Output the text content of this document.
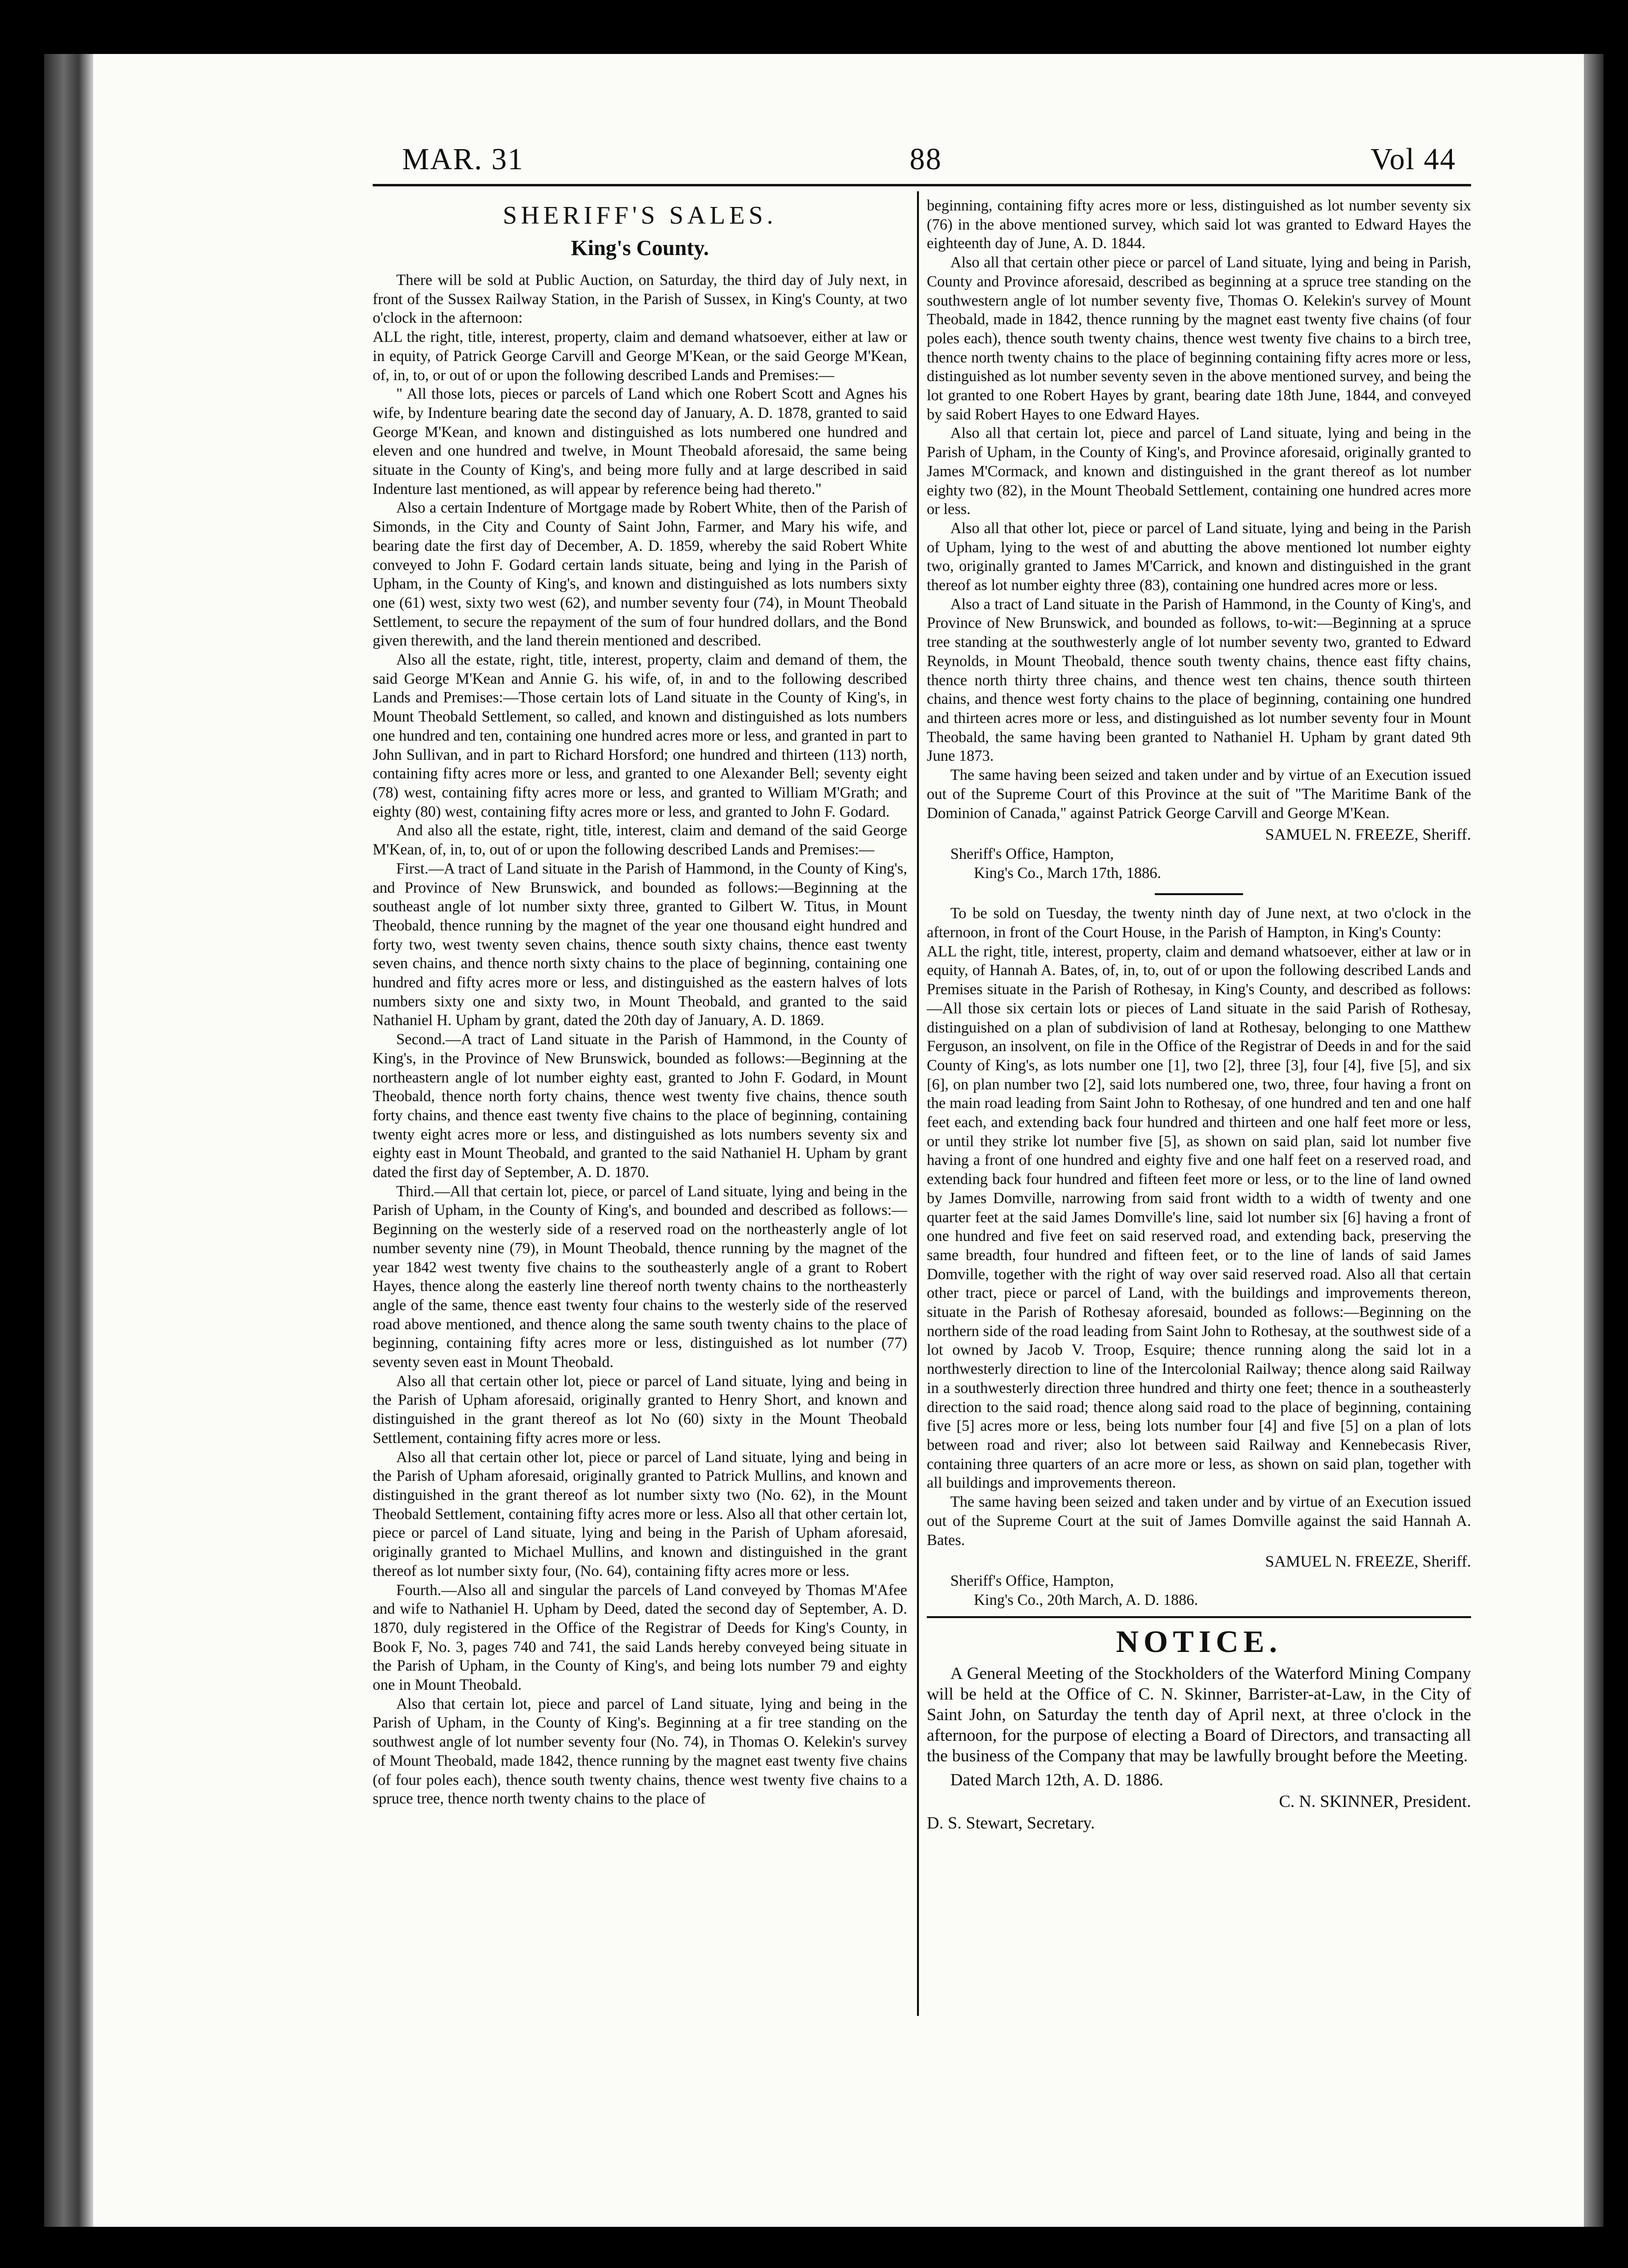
MAR. 31	88	Vol 44
SHERIFF'S SALES.
King's County.

There will be sold at Public Auction, on Saturday, the third day of July next, in front of the Sussex Railway Station, in the Parish of Sussex, in King's County, at two o'clock in the afternoon:

ALL the right, title, interest, property, claim and demand whatsoever, either at law or in equity, of Patrick George Carvill and George M'Kean, or the said George M'Kean, of, in, to, or out of or upon the following described Lands and Premises:—

" All those lots, pieces or parcels of Land which one Robert Scott and Agnes his wife, by Indenture bearing date the second day of January, A. D. 1878, granted to said George M'Kean, and known and distinguished as lots numbered one hundred and eleven and one hundred and twelve, in Mount Theobald aforesaid, the same being situate in the County of King's, and being more fully and at large described in said Indenture last mentioned, as will appear by reference being had thereto."

Also a certain Indenture of Mortgage made by Robert White, then of the Parish of Simonds, in the City and County of Saint John, Farmer, and Mary his wife, and bearing date the first day of December, A. D. 1859, whereby the said Robert White conveyed to John F. Godard certain lands situate, being and lying in the Parish of Upham, in the County of King's, and known and distinguished as lots numbers sixty one (61) west, sixty two west (62), and number seventy four (74), in Mount Theobald Settlement, to secure the repayment of the sum of four hundred dollars, and the Bond given therewith, and the land therein mentioned and described.

Also all the estate, right, title, interest, property, claim and demand of them, the said George M'Kean and Annie G. his wife, of, in and to the following described Lands and Premises:—Those certain lots of Land situate in the County of King's, in Mount Theobald Settlement, so called, and known and distinguished as lots numbers one hundred and ten, containing one hundred acres more or less, and granted in part to John Sullivan, and in part to Richard Horsford; one hundred and thirteen (113) north, containing fifty acres more or less, and granted to one Alexander Bell; seventy eight (78) west, containing fifty acres more or less, and granted to William M'Grath; and eighty (80) west, containing fifty acres more or less, and granted to John F. Godard.

And also all the estate, right, title, interest, claim and demand of the said George M'Kean, of, in, to, out of or upon the following described Lands and Premises:—

First.—A tract of Land situate in the Parish of Hammond, in the County of King's, and Province of New Brunswick, and bounded as follows:—Beginning at the southeast angle of lot number sixty three, granted to Gilbert W. Titus, in Mount Theobald, thence running by the magnet of the year one thousand eight hundred and forty two, west twenty seven chains, thence south sixty chains, thence east twenty seven chains, and thence north sixty chains to the place of beginning, containing one hundred and fifty acres more or less, and distinguished as the eastern halves of lots numbers sixty one and sixty two, in Mount Theobald, and granted to the said Nathaniel H. Upham by grant, dated the 20th day of January, A. D. 1869.

Second.—A tract of Land situate in the Parish of Hammond, in the County of King's, in the Province of New Brunswick, bounded as follows:—Beginning at the northeastern angle of lot number eighty east, granted to John F. Godard, in Mount Theobald, thence north forty chains, thence west twenty five chains, thence south forty chains, and thence east twenty five chains to the place of beginning, containing twenty eight acres more or less, and distinguished as lots numbers seventy six and eighty east in Mount Theobald, and granted to the said Nathaniel H. Upham by grant dated the first day of September, A. D. 1870.

Third.—All that certain lot, piece, or parcel of Land situate, lying and being in the Parish of Upham, in the County of King's, and bounded and described as follows:—Beginning on the westerly side of a reserved road on the northeasterly angle of lot number seventy nine (79), in Mount Theobald, thence running by the magnet of the year 1842 west twenty five chains to the southeasterly angle of a grant to Robert Hayes, thence along the easterly line thereof north twenty chains to the northeasterly angle of the same, thence east twenty four chains to the westerly side of the reserved road above mentioned, and thence along the same south twenty chains to the place of beginning, containing fifty acres more or less, distinguished as lot number (77) seventy seven east in Mount Theobald.

Also all that certain other lot, piece or parcel of Land situate, lying and being in the Parish of Upham aforesaid, originally granted to Henry Short, and known and distinguished in the grant thereof as lot No (60) sixty in the Mount Theobald Settlement, containing fifty acres more or less.

Also all that certain other lot, piece or parcel of Land situate, lying and being in the Parish of Upham aforesaid, originally granted to Patrick Mullins, and known and distinguished in the grant thereof as lot number sixty two (No. 62), in the Mount Theobald Settlement, containing fifty acres more or less. Also all that other certain lot, piece or parcel of Land situate, lying and being in the Parish of Upham aforesaid, originally granted to Michael Mullins, and known and distinguished in the grant thereof as lot number sixty four, (No. 64), containing fifty acres more or less.

Fourth.—Also all and singular the parcels of Land conveyed by Thomas M'Afee and wife to Nathaniel H. Upham by Deed, dated the second day of September, A. D. 1870, duly registered in the Office of the Registrar of Deeds for King's County, in Book F, No. 3, pages 740 and 741, the said Lands hereby conveyed being situate in the Parish of Upham, in the County of King's, and being lots number 79 and eighty one in Mount Theobald.

Also that certain lot, piece and parcel of Land situate, lying and being in the Parish of Upham, in the County of King's. Beginning at a fir tree standing on the southwest angle of lot number seventy four (No. 74), in Thomas O. Kelekin's survey of Mount Theobald, made 1842, thence running by the magnet east twenty five chains (of four poles each), thence south twenty chains, thence west twenty five chains to a spruce tree, thence north twenty chains to the place of

beginning, containing fifty acres more or less, distinguished as lot number seventy six (76) in the above mentioned survey, which said lot was granted to Edward Hayes the eighteenth day of June, A. D. 1844.

Also all that certain other piece or parcel of Land situate, lying and being in Parish, County and Province aforesaid, described as beginning at a spruce tree standing on the southwestern angle of lot number seventy five, Thomas O. Kelekin's survey of Mount Theobald, made in 1842, thence running by the magnet east twenty five chains (of four poles each), thence south twenty chains, thence west twenty five chains to a birch tree, thence north twenty chains to the place of beginning containing fifty acres more or less, distinguished as lot number seventy seven in the above mentioned survey, and being the lot granted to one Robert Hayes by grant, bearing date 18th June, 1844, and conveyed by said Robert Hayes to one Edward Hayes.

Also all that certain lot, piece and parcel of Land situate, lying and being in the Parish of Upham, in the County of King's, and Province aforesaid, originally granted to James M'Cormack, and known and distinguished in the grant thereof as lot number eighty two (82), in the Mount Theobald Settlement, containing one hundred acres more or less.

Also all that other lot, piece or parcel of Land situate, lying and being in the Parish of Upham, lying to the west of and abutting the above mentioned lot number eighty two, originally granted to James M'Carrick, and known and distinguished in the grant thereof as lot number eighty three (83), containing one hundred acres more or less.

Also a tract of Land situate in the Parish of Hammond, in the County of King's, and Province of New Brunswick, and bounded as follows, to-wit:—Beginning at a spruce tree standing at the southwesterly angle of lot number seventy two, granted to Edward Reynolds, in Mount Theobald, thence south twenty chains, thence east fifty chains, thence north thirty three chains, and thence west ten chains, thence south thirteen chains, and thence west forty chains to the place of beginning, containing one hundred and thirteen acres more or less, and distinguished as lot number seventy four in Mount Theobald, the same having been granted to Nathaniel H. Upham by grant dated 9th June 1873.

The same having been seized and taken under and by virtue of an Execution issued out of the Supreme Court of this Province at the suit of "The Maritime Bank of the Dominion of Canada," against Patrick George Carvill and George M'Kean.

SAMUEL N. FREEZE, Sheriff.

Sheriff's Office, Hampton,

King's Co., March 17th, 1886.

To be sold on Tuesday, the twenty ninth day of June next, at two o'clock in the afternoon, in front of the Court House, in the Parish of Hampton, in King's County:

ALL the right, title, interest, property, claim and demand whatsoever, either at law or in equity, of Hannah A. Bates, of, in, to, out of or upon the following described Lands and Premises situate in the Parish of Rothesay, in King's County, and described as follows:—All those six certain lots or pieces of Land situate in the said Parish of Rothesay, distinguished on a plan of subdivision of land at Rothesay, belonging to one Matthew Ferguson, an insolvent, on file in the Office of the Registrar of Deeds in and for the said County of King's, as lots number one [1], two [2], three [3], four [4], five [5], and six [6], on plan number two [2], said lots numbered one, two, three, four having a front on the main road leading from Saint John to Rothesay, of one hundred and ten and one half feet each, and extending back four hundred and thirteen and one half feet more or less, or until they strike lot number five [5], as shown on said plan, said lot number five having a front of one hundred and eighty five and one half feet on a reserved road, and extending back four hundred and fifteen feet more or less, or to the line of land owned by James Domville, narrowing from said front width to a width of twenty and one quarter feet at the said James Domville's line, said lot number six [6] having a front of one hundred and five feet on said reserved road, and extending back, preserving the same breadth, four hundred and fifteen feet, or to the line of lands of said James Domville, together with the right of way over said reserved road. Also all that certain other tract, piece or parcel of Land, with the buildings and improvements thereon, situate in the Parish of Rothesay aforesaid, bounded as follows:—Beginning on the northern side of the road leading from Saint John to Rothesay, at the southwest side of a lot owned by Jacob V. Troop, Esquire; thence running along the said lot in a northwesterly direction to line of the Intercolonial Railway; thence along said Railway in a southwesterly direction three hundred and thirty one feet; thence in a southeasterly direction to the said road; thence along said road to the place of beginning, containing five [5] acres more or less, being lots number four [4] and five [5] on a plan of lots between road and river; also lot between said Railway and Kennebecasis River, containing three quarters of an acre more or less, as shown on said plan, together with all buildings and improvements thereon.

The same having been seized and taken under and by virtue of an Execution issued out of the Supreme Court at the suit of James Domville against the said Hannah A. Bates.

SAMUEL N. FREEZE, Sheriff.

Sheriff's Office, Hampton,

King's Co., 20th March, A. D. 1886.

NOTICE.

A General Meeting of the Stockholders of the Waterford Mining Company will be held at the Office of C. N. Skinner, Barrister-at-Law, in the City of Saint John, on Saturday the tenth day of April next, at three o'clock in the afternoon, for the purpose of electing a Board of Directors, and transacting all the business of the Company that may be lawfully brought before the Meeting.

Dated March 12th, A. D. 1886.

C. N. SKINNER, President.

D. S. Stewart, Secretary.
